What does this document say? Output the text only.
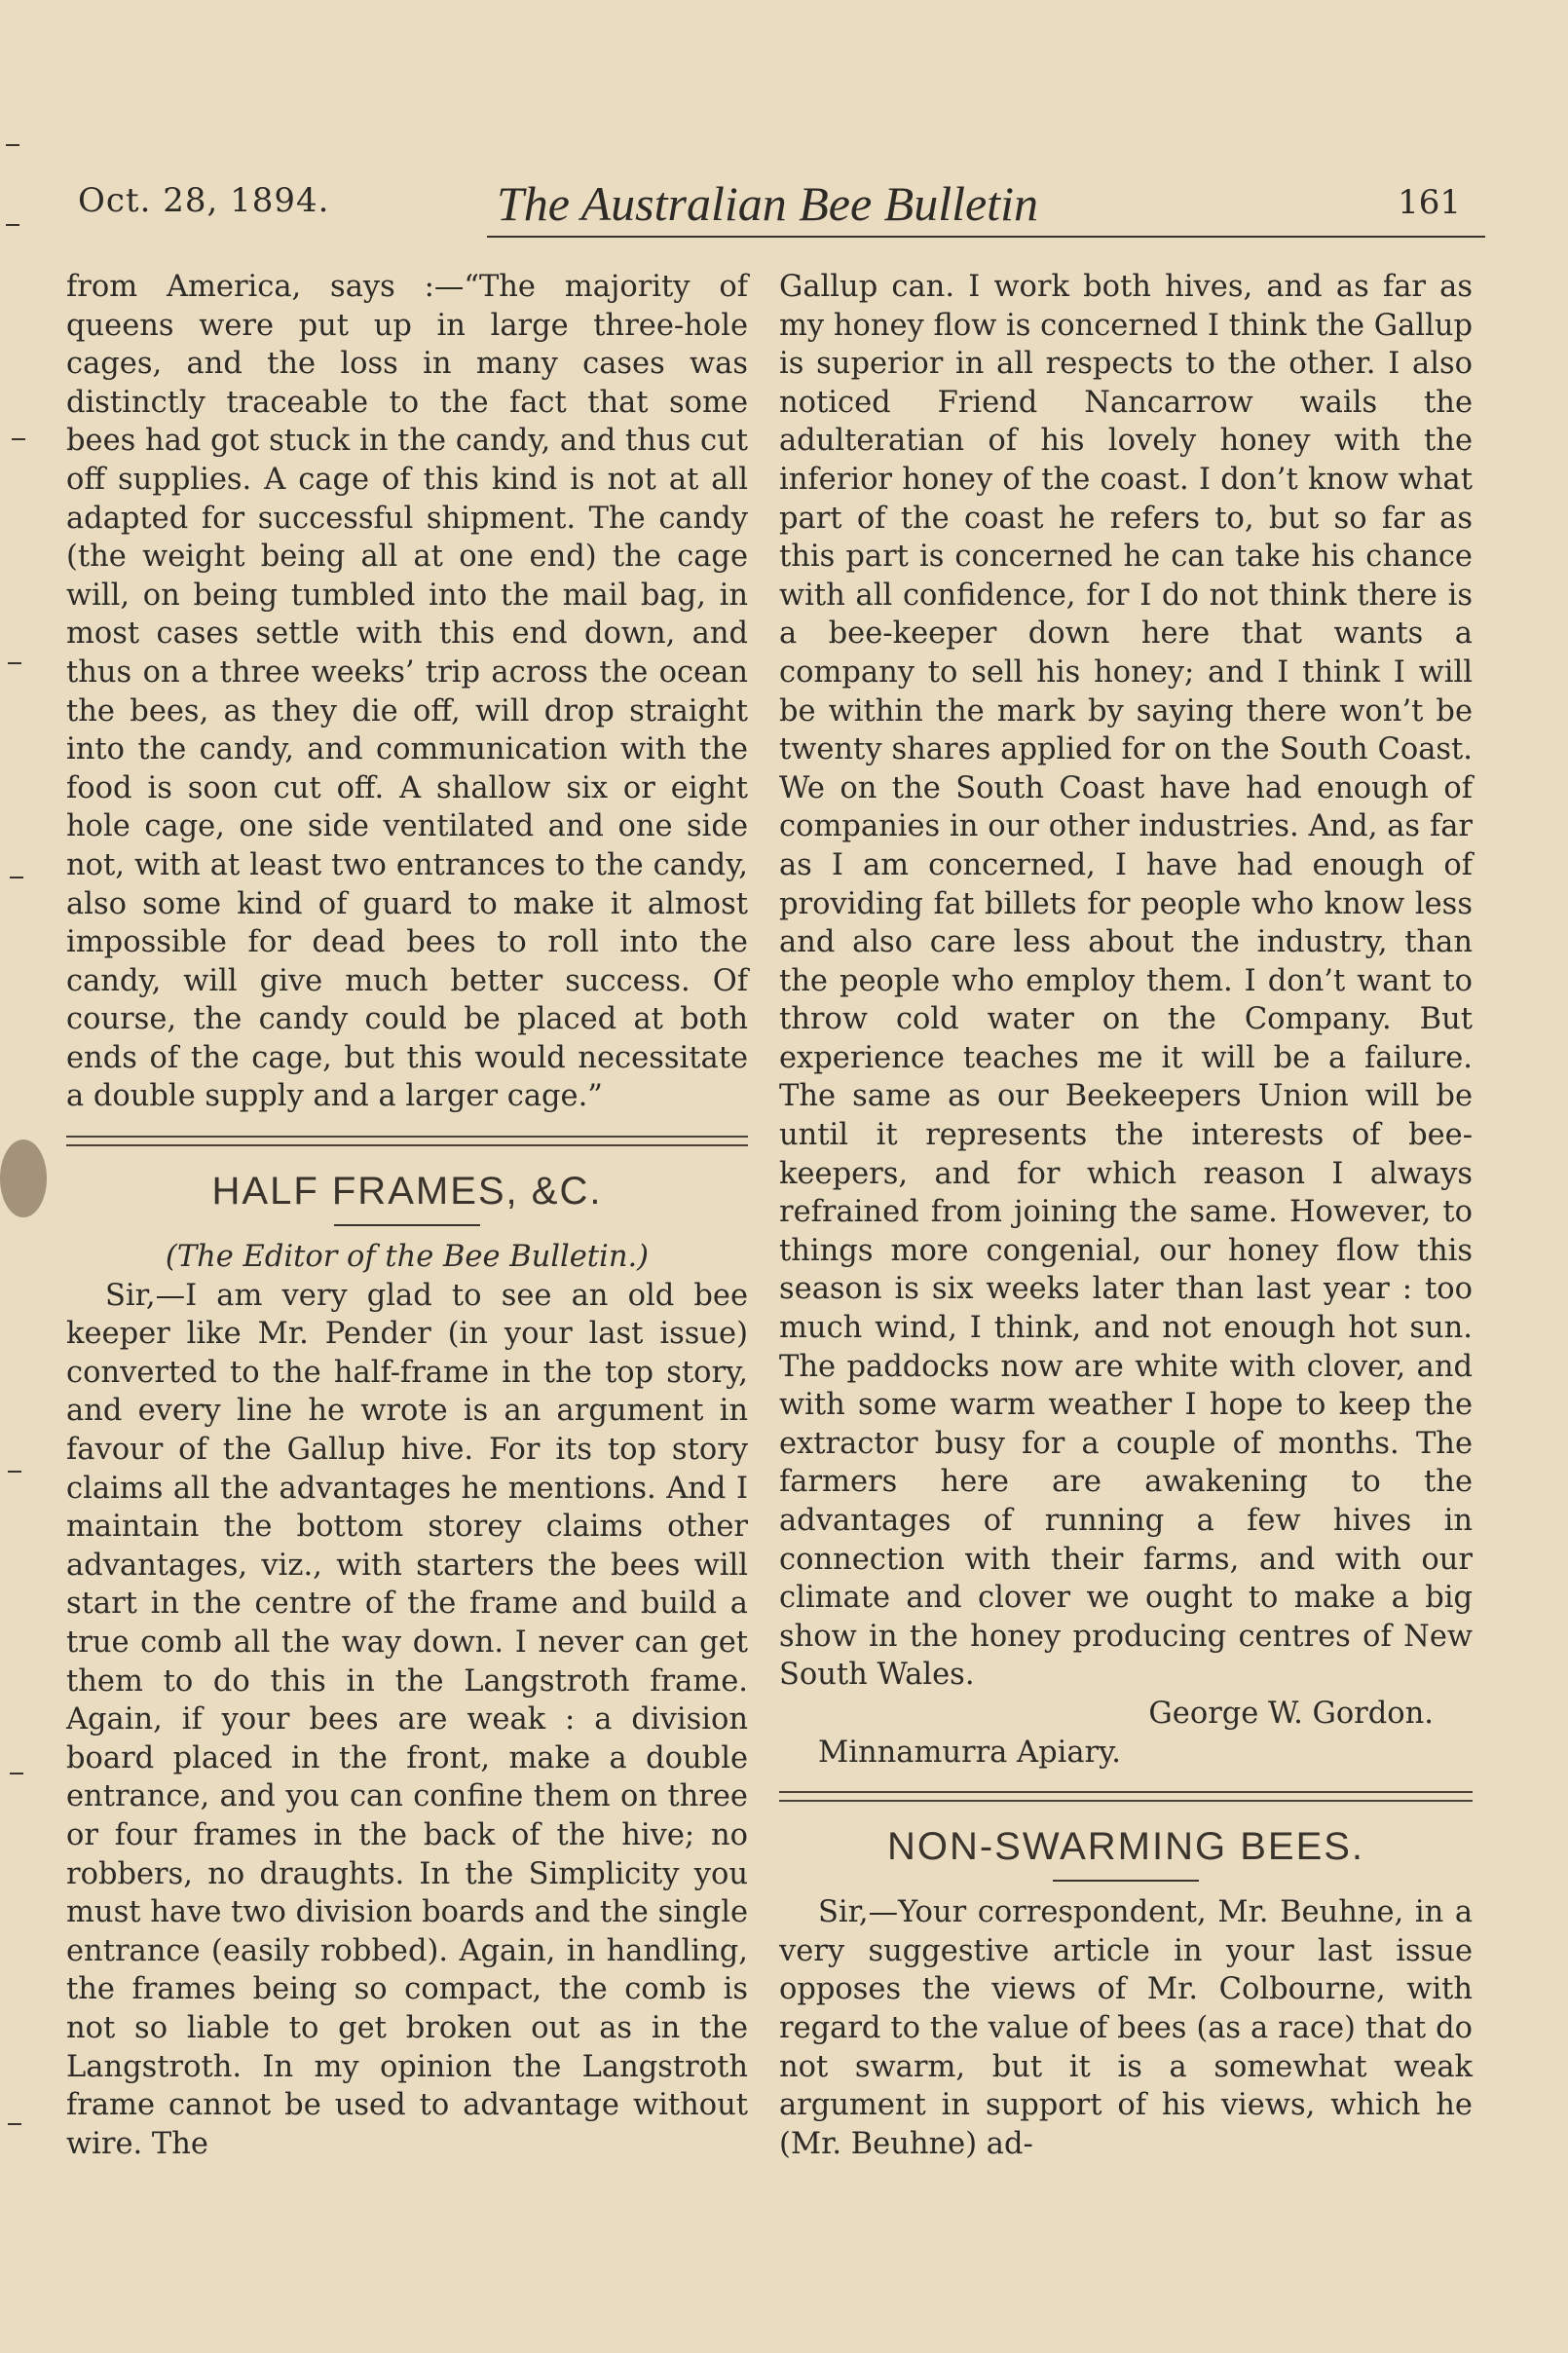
Oct. 28, 1894.	The Australian Bee Bulletin	161

from America, says :—“The majority of queens were put up in large three-hole cages, and the loss in many cases was distinctly traceable to the fact that some bees had got stuck in the candy, and thus cut off supplies. A cage of this kind is not at all adapted for successful shipment. The candy (the weight being all at one end) the cage will, on being tumbled into the mail bag, in most cases settle with this end down, and thus on a three weeks’ trip across the ocean the bees, as they die off, will drop straight into the candy, and communication with the food is soon cut off. A shallow six or eight hole cage, one side ventilated and one side not, with at least two entrances to the candy, also some kind of guard to make it almost impossible for dead bees to roll into the candy, will give much better success. Of course, the candy could be placed at both ends of the cage, but this would necessitate a double supply and a larger cage.”

HALF FRAMES, &C.

(The Editor of the Bee Bulletin.)

Sir,—I am very glad to see an old bee keeper like Mr. Pender (in your last issue) converted to the half-frame in the top story, and every line he wrote is an argument in favour of the Gallup hive. For its top story claims all the advantages he mentions. And I maintain the bottom storey claims other advantages, viz., with starters the bees will start in the centre of the frame and build a true comb all the way down. I never can get them to do this in the Langstroth frame. Again, if your bees are weak : a division board placed in the front, make a double entrance, and you can confine them on three or four frames in the back of the hive; no robbers, no draughts. In the Simplicity you must have two division boards and the single entrance (easily robbed). Again, in handling, the frames being so compact, the comb is not so liable to get broken out as in the Langstroth. In my opinion the Langstroth frame cannot be used to advantage without wire. The

Gallup can. I work both hives, and as far as my honey flow is concerned I think the Gallup is superior in all respects to the other. I also noticed Friend Nancarrow wails the adulteratian of his lovely honey with the inferior honey of the coast. I don’t know what part of the coast he refers to, but so far as this part is concerned he can take his chance with all confidence, for I do not think there is a bee-keeper down here that wants a company to sell his honey; and I think I will be within the mark by saying there won’t be twenty shares applied for on the South Coast. We on the South Coast have had enough of companies in our other industries. And, as far as I am concerned, I have had enough of providing fat billets for people who know less and also care less about the industry, than the people who employ them. I don’t want to throw cold water on the Company. But experience teaches me it will be a failure. The same as our Beekeepers Union will be until it represents the interests of bee-keepers, and for which reason I always refrained from joining the same. However, to things more congenial, our honey flow this season is six weeks later than last year : too much wind, I think, and not enough hot sun. The paddocks now are white with clover, and with some warm weather I hope to keep the extractor busy for a couple of months. The farmers here are awakening to the advantages of running a few hives in connection with their farms, and with our climate and clover we ought to make a big show in the honey producing centres of New South Wales.

George W. Gordon.

Minnamurra Apiary.

NON-SWARMING BEES.

Sir,—Your correspondent, Mr. Beuhne, in a very suggestive article in your last issue opposes the views of Mr. Colbourne, with regard to the value of bees (as a race) that do not swarm, but it is a somewhat weak argument in support of his views, which he (Mr. Beuhne) ad-
